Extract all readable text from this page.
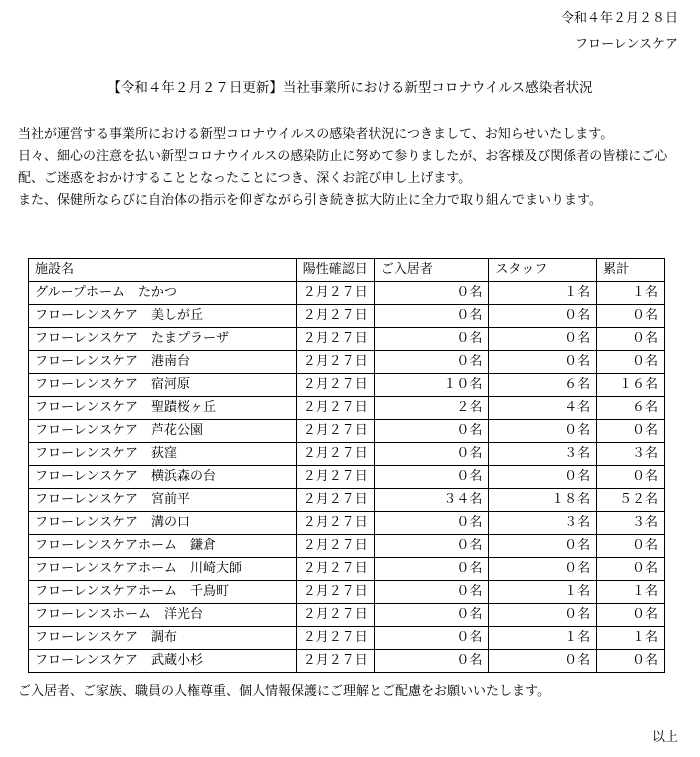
令和４年２月２８日
フローレンスケア
【令和４年２月２７日更新】当社事業所における新型コロナウイルス感染者状況

当社が運営する事業所における新型コロナウイルスの感染者状況につきまして、お知らせいたします。

日々、細心の注意を払い新型コロナウイルスの感染防止に努めて参りましたが、お客様及び関係者の皆様にご心

配、ご迷惑をおかけすることとなったことにつき、深くお詫び申し上げます。

また、保健所ならびに自治体の指示を仰ぎながら引き続き拡大防止に全力で取り組んでまいります。

施設名	陽性確認日	ご入居者	スタッフ	累計
グループホーム　たかつ	２月２７日	０名	１名	１名
フローレンスケア　美しが丘	２月２７日	０名	０名	０名
フローレンスケア　たまプラーザ	２月２７日	０名	０名	０名
フローレンスケア　港南台	２月２７日	０名	０名	０名
フローレンスケア　宿河原	２月２７日	１０名	６名	１６名
フローレンスケア　聖蹟桜ヶ丘	２月２７日	２名	４名	６名
フローレンスケア　芦花公園	２月２７日	０名	０名	０名
フローレンスケア　荻窪	２月２７日	０名	３名	３名
フローレンスケア　横浜森の台	２月２７日	０名	０名	０名
フローレンスケア　宮前平	２月２７日	３４名	１８名	５２名
フローレンスケア　溝の口	２月２７日	０名	３名	３名
フローレンスケアホーム　鎌倉	２月２７日	０名	０名	０名
フローレンスケアホーム　川崎大師	２月２７日	０名	０名	０名
フローレンスケアホーム　千鳥町	２月２７日	０名	１名	１名
フローレンスホーム　洋光台	２月２７日	０名	０名	０名
フローレンスケア　調布	２月２７日	０名	１名	１名
フローレンスケア　武蔵小杉	２月２７日	０名	０名	０名
ご入居者、ご家族、職員の人権尊重、個人情報保護にご理解とご配慮をお願いいたします。
以上
